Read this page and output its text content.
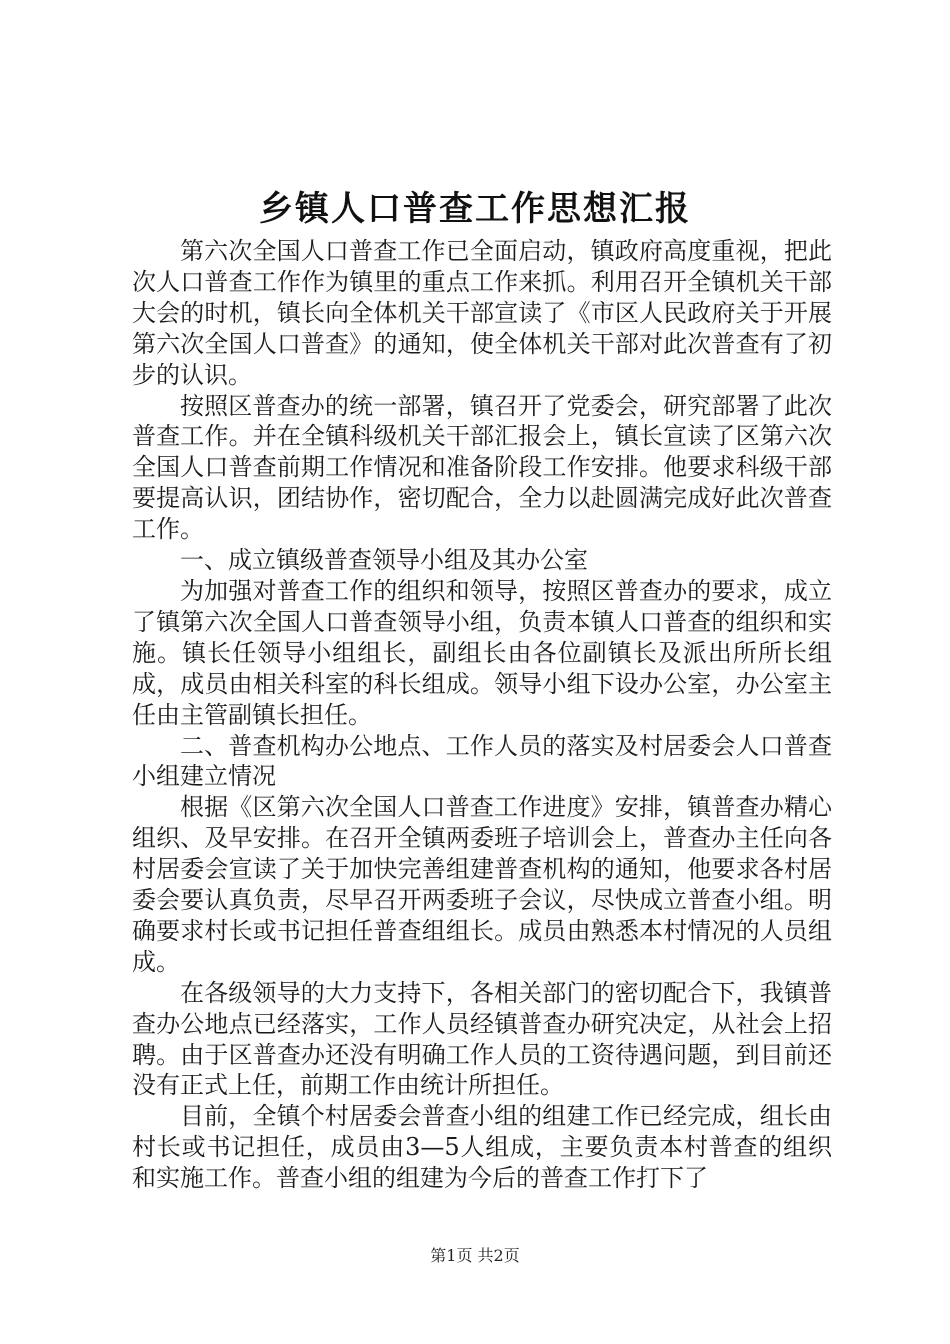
乡镇人口普查工作思想汇报

第六次全国人口普查工作已全面启动，镇政府高度重视，把此次人口普查工作作为镇里的重点工作来抓。利用召开全镇机关干部大会的时机，镇长向全体机关干部宣读了《市区人民政府关于开展第六次全国人口普查》的通知，使全体机关干部对此次普查有了初步的认识。

按照区普查办的统一部署，镇召开了党委会，研究部署了此次普查工作。并在全镇科级机关干部汇报会上，镇长宣读了区第六次全国人口普查前期工作情况和准备阶段工作安排。他要求科级干部要提高认识，团结协作，密切配合，全力以赴圆满完成好此次普查工作。

一、成立镇级普查领导小组及其办公室

为加强对普查工作的组织和领导，按照区普查办的要求，成立了镇第六次全国人口普查领导小组，负责本镇人口普查的组织和实施。镇长任领导小组组长，副组长由各位副镇长及派出所所长组成，成员由相关科室的科长组成。领导小组下设办公室，办公室主任由主管副镇长担任。

二、普查机构办公地点、工作人员的落实及村居委会人口普查小组建立情况

根据《区第六次全国人口普查工作进度》安排，镇普查办精心组织、及早安排。在召开全镇两委班子培训会上，普查办主任向各村居委会宣读了关于加快完善组建普查机构的通知，他要求各村居委会要认真负责，尽早召开两委班子会议，尽快成立普查小组。明确要求村长或书记担任普查组组长。成员由熟悉本村情况的人员组成。

在各级领导的大力支持下，各相关部门的密切配合下，我镇普查办公地点已经落实，工作人员经镇普查办研究决定，从社会上招聘。由于区普查办还没有明确工作人员的工资待遇问题，到目前还没有正式上任，前期工作由统计所担任。

目前，全镇个村居委会普查小组的组建工作已经完成，组长由村长或书记担任，成员由3—5人组成，主要负责本村普查的组织和实施工作。普查小组的组建为今后的普查工作打下了

第1页 共2页
